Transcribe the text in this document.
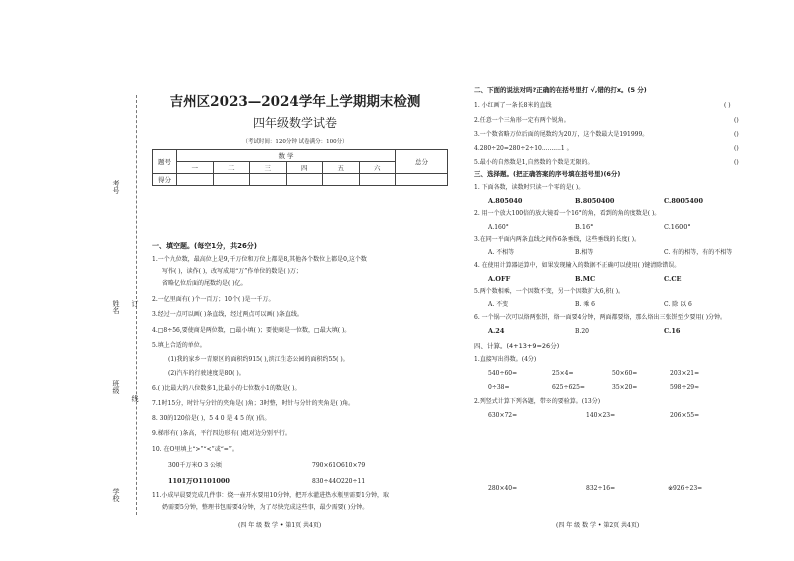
考号
姓名
班级
学校
订
线
吉州区2023—2024学年上学期期末检测
四年级数学试卷
（考试时间：120分钟 试卷满分：100分）
题号	数 学						总分
	一	二	三	四	五	六	
得分							
一、填空题。(每空1分，共26分)
1.一个九位数，最高位上是9,千万位和万位上都是8,其他各个数位上都是0,这个数
写作( )，读作( )，改写成用“万”作单位的数是( )万；
省略亿位后面的尾数约是( )亿。
2.一亿里面有( )个一百万；10个( )是一千万。
3.经过一点可以画( )条直线，经过两点可以画( )条直线。
4.□8÷56,要使商是两位数，□最小填( )；要使商是一位数，□最大填( )。
5.填上合适的单位。
(1)我的家乡一青原区的面积约915( ),滨江生态公园的面积约55( )。
(2)汽车的行驶速度是80( )。
6.( )比最大的八位数多1,比最小的七位数小1的数是( )。
7.1时15分，时针与分针的夹角是( )角；3时整，时针与分针的夹角是( )角。
8. 30的120倍是( )，5 4 0 是 4 5 的( )倍。
9.梯形有( )条高，平行四边形有( )组对边分别平行。
10. 在O里填上“>”“<”或“=”。
300千万米O 3 公顷	790×61O610×79
1101万O1101000	830÷44O220÷11
11.小成早晨要完成几件事：烧一壶开水要用10分钟，把开水灌进热水瓶里需要1分钟，取
奶需要5分钟，整理书包需要4分钟，为了尽快完成这些事，最少需要( )分钟。
(四 年 级 数 学 • 第1页 共4页)
二、下面的说法对吗?正确的在括号里打 √,错的打x。(5 分)
1. 小红画了一条长8米的直线	( )
2.任意一个三角形一定有两个锐角。	()
3.一个数省略万位后面的尾数约为20万，这个数最大是191999。	()
4.280÷20=280÷2÷10..........1 。	()
5.最小的自然数是1,自然数的个数是无限的。	()
三、选择题。(把正确答案的序号填在括号里)(6分)
1. 下面各数，读数时只读一个零的是( )。
A.805040	B.8050400	C.8005400
2. 用一个放大100倍的放大镜看一个16°的角，看到的角的度数是( )。
A.160°	B.16°	C.1600°
3.在同一平面内两条直线之间作6条垂线，这些垂线的长度( )。
A. 不相等	B.相等	C. 有的相等，有的不相等
4. 在使用计算器运算中，如果发现输入的数据不正确可以使用( )键清除错误。
A.OFF	B.MC	C.CE
5.两个数相乘，一个因数不变，另一个因数扩大6,积( )。
A. 不变	B. 乘 6	C. 除 以 6
6. 一个锅一次可以烙两张饼，烙一面要4分钟，两面都要烙，那么烙出三张饼至少要用( )分钟。
A.24	B.20	C.16
四、计算。(4+13+9=26分)
1.直接写出得数。(4分)
540÷60=	25×4=	50×60=	203×21=
0÷38=	625÷625=	35×20=	598÷29≈
2.列竖式计算下列各题，带※的要验算。(13分)
630×72=	140×23=	206×55=
280×40=	832÷16=	※926÷23=
(四 年 级 数 学 • 第2页 共4页)
